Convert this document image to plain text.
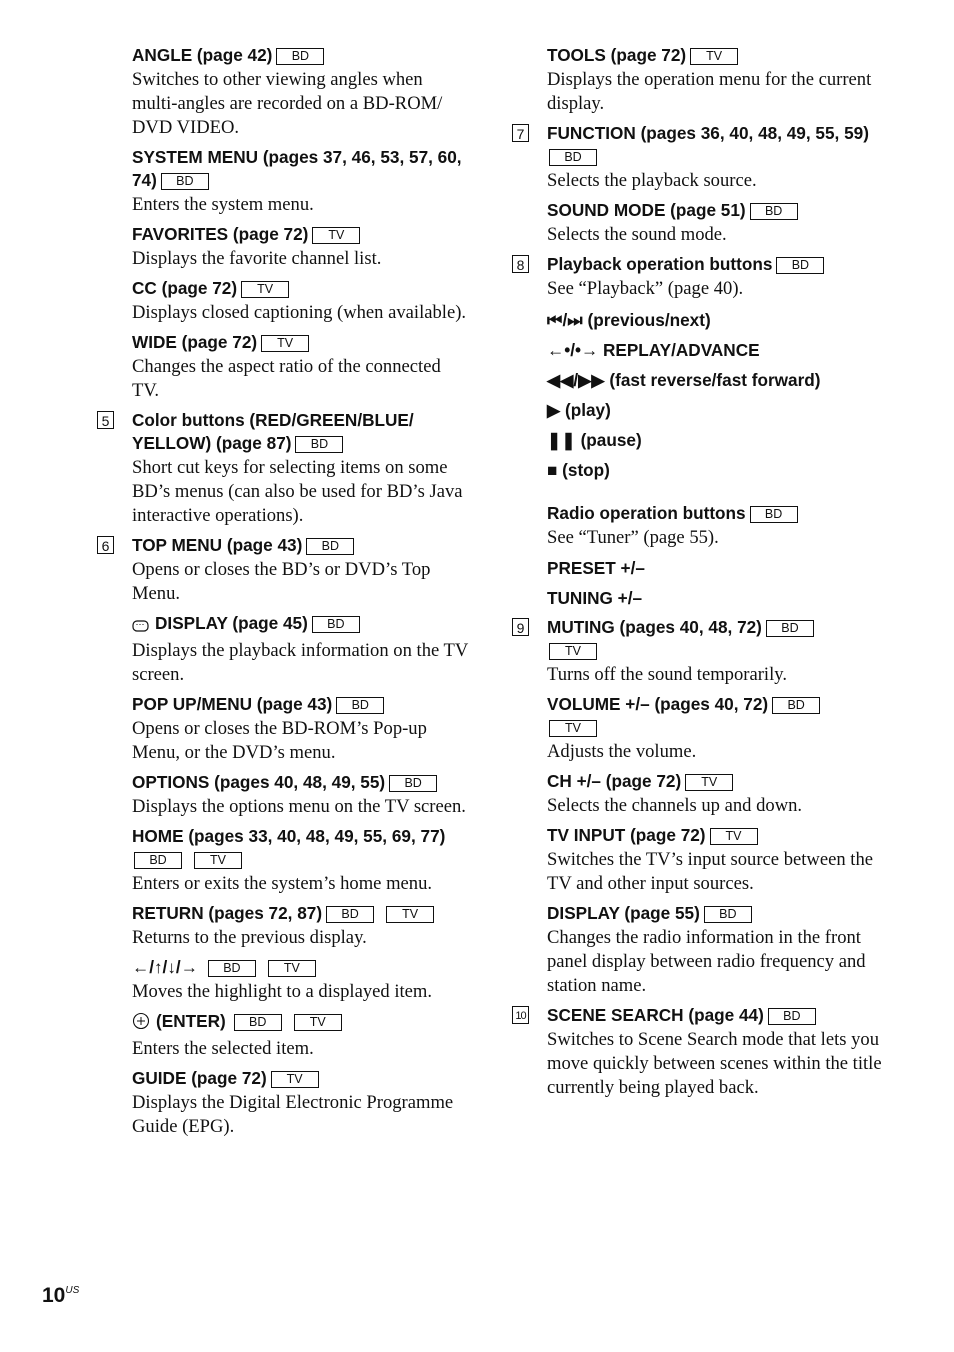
ANGLE (page 42) BD
Switches to other viewing angles when multi-angles are recorded on a BD-ROM/ DVD VIDEO.
SYSTEM MENU (pages 37, 46, 53, 57, 60, 74) BD
Enters the system menu.
FAVORITES (page 72) TV
Displays the favorite channel list.
CC (page 72) TV
Displays closed captioning (when available).
WIDE (page 72) TV
Changes the aspect ratio of the connected TV.
5 Color buttons (RED/GREEN/BLUE/ YELLOW) (page 87) BD
Short cut keys for selecting items on some BD’s menus (can also be used for BD’s Java interactive operations).
6 TOP MENU (page 43) BD
Opens or closes the BD’s or DVD’s Top Menu.
DISPLAY (page 45) BD
Displays the playback information on the TV screen.
POP UP/MENU (page 43) BD
Opens or closes the BD-ROM’s Pop-up Menu, or the DVD’s menu.
OPTIONS (pages 40, 48, 49, 55) BD
Displays the options menu on the TV screen.
HOME (pages 33, 40, 48, 49, 55, 69, 77)
BD	TV
Enters or exits the system’s home menu.
RETURN (pages 72, 87) BD	TV
Returns to the previous display.
←/↑/↓/→ BD	TV
Moves the highlight to a displayed item.
(ENTER) BD	TV
Enters the selected item.
GUIDE (page 72) TV
Displays the Digital Electronic Programme Guide (EPG).
TOOLS (page 72) TV
Displays the operation menu for the current display.
7 FUNCTION (pages 36, 40, 48, 49, 55, 59)
BD
Selects the playback source.
SOUND MODE (page 51) BD
Selects the sound mode.
8 Playback operation buttons BD
See “Playback” (page 40).
⏮/⏭ (previous/next)
←•/•→ REPLAY/ADVANCE
◀◀/▶▶ (fast reverse/fast forward)
▶ (play)
❚❚ (pause)
■ (stop)
Radio operation buttons BD
See “Tuner” (page 55).
PRESET +/–
TUNING +/–
9 MUTING (pages 40, 48, 72) BD
TV
Turns off the sound temporarily.
VOLUME +/– (pages 40, 72) BD
TV
Adjusts the volume.
CH +/– (page 72) TV
Selects the channels up and down.
TV INPUT (page 72) TV
Switches the TV’s input source between the TV and other input sources.
DISPLAY (page 55) BD
Changes the radio information in the front panel display between radio frequency and station name.
10 SCENE SEARCH (page 44) BD
Switches to Scene Search mode that lets you move quickly between scenes within the title currently being played back.
$10^{US}$
